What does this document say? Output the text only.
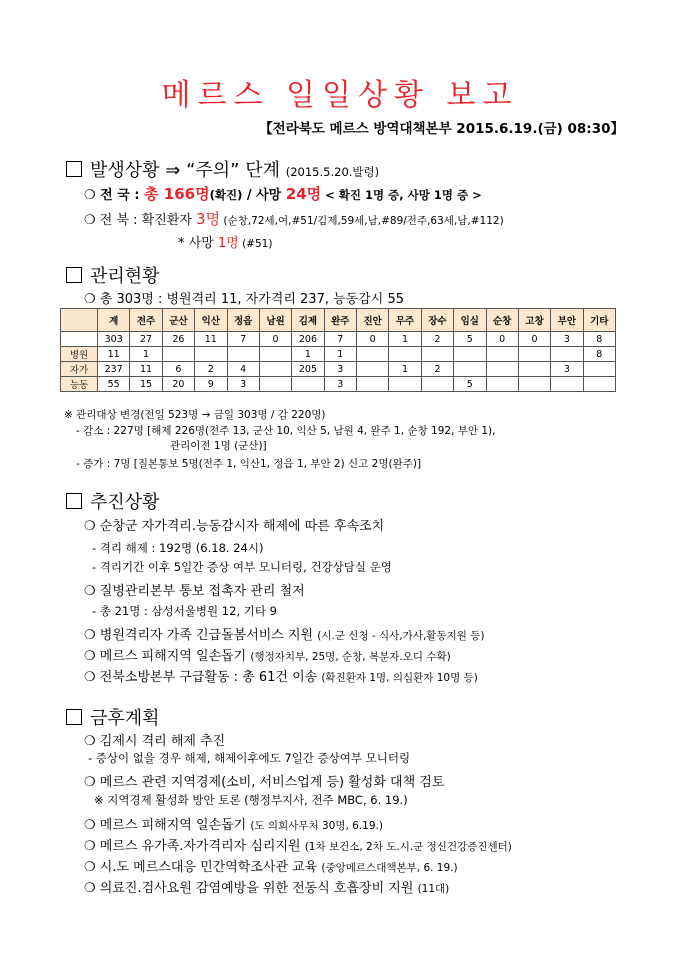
메르스 일일상황 보고
【전라북도 메르스 방역대책본부 2015.6.19.(금) 08:30】
발생상황 ⇒ “주의” 단계 (2015.5.20.발령)
❍ 전 국 : 총 166명(확진) / 사망 24명 < 확진 1명 증, 사망 1명 증 >
❍ 전 북 : 확진환자 3명 (순창,72세,여,#51/김제,59세,남,#89/전주,63세,남,#112)
* 사망 1명 (#51)
관리현황
❍ 총 303명 : 병원격리 11, 자가격리 237, 능동감시 55
	계	전주	군산	익산	정읍	남원	김제	완주	진안	무주	장수	임실	순창	고창	부안	기타
	303	27	26	11	7	0	206	7	0	1	2	5	0	0	3	8
병원	11	1					1	1								8
자가	237	11	6	2	4		205	3		1	2				3	
능동	55	15	20	9	3			3				5				
※ 관리대상 변경(전일 523명 → 금일 303명 / 감 220명)
- 감소 : 227명 [해제 226명(전주 13, 군산 10, 익산 5, 남원 4, 완주 1, 순창 192, 부안 1),
관리이전 1명 (군산)]
- 증가 : 7명 [질본통보 5명(전주 1, 익산1, 정읍 1, 부안 2) 신고 2명(완주)]
추진상황
❍ 순창군 자가격리.능동감시자 해제에 따른 후속조치
- 격리 해제 : 192명 (6.18. 24시)
- 격리기간 이후 5일간 증상 여부 모니터링, 건강상담실 운영
❍ 질병관리본부 통보 접촉자 관리 철저
- 총 21명 : 삼성서울병원 12, 기타 9
❍ 병원격리자 가족 긴급돌봄서비스 지원 (시.군 신청 - 식사,가사,활동지원 등)
❍ 메르스 피해지역 일손돕기 (행정자치부, 25명, 순창, 복분자.오디 수확)
❍ 전북소방본부 구급활동 : 총 61건 이송 (확진환자 1명, 의심환자 10명 등)
금후계획
❍ 김제시 격리 해제 추진
- 증상이 없을 경우 해제, 해제이후에도 7일간 증상여부 모니터링
❍ 메르스 관련 지역경제(소비, 서비스업계 등) 활성화 대책 검토
※ 지역경제 활성화 방안 토론 (행정부지사, 전주 MBC, 6. 19.)
❍ 메르스 피해지역 일손돕기 (도 의회사무처 30명, 6.19.)
❍ 메르스 유가족.자가격리자 심리지원 (1차 보건소, 2차 도.시.군 정신건강증진센터)
❍ 시.도 메르스대응 민간역학조사관 교육 (중앙메르스대책본부, 6. 19.)
❍ 의료진.검사요원 감염예방을 위한 전동식 호흡장비 지원 (11대)
